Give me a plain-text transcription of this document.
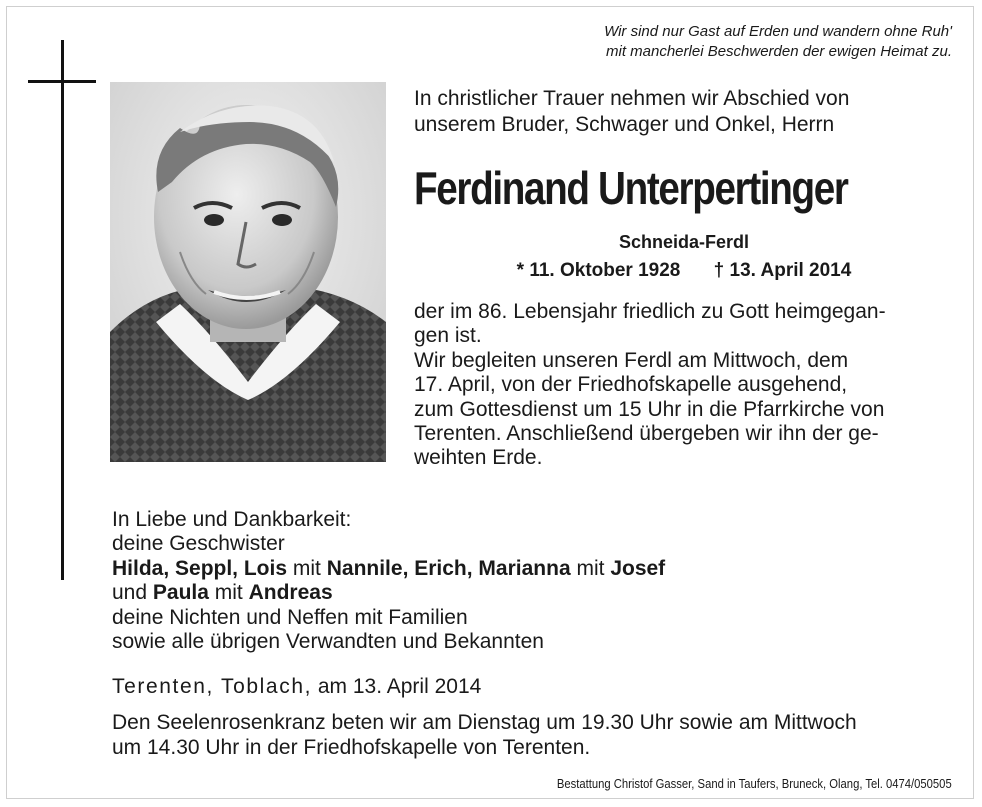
Wir sind nur Gast auf Erden und wandern ohne Ruh'
mit mancherlei Beschwerden der ewigen Heimat zu.
In christlicher Trauer nehmen wir Abschied von
unserem Bruder, Schwager und Onkel, Herrn
Ferdinand Unterpertinger
Schneida-Ferdl
* 11. Oktober 1928 † 13. April 2014

der im 86. Lebensjahr friedlich zu Gott heimgegan-

gen ist.

Wir begleiten unseren Ferdl am Mittwoch, dem

17. April, von der Friedhofskapelle ausgehend,

zum Gottesdienst um 15 Uhr in die Pfarrkirche von

Terenten. Anschließend übergeben wir ihn der ge-

weihten Erde.

In Liebe und Dankbarkeit:

deine Geschwister

Hilda, Seppl, Lois mit Nannile, Erich, Marianna mit Josef

und Paula mit Andreas

deine Nichten und Neffen mit Familien

sowie alle übrigen Verwandten und Bekannten

Terenten, Toblach, am 13. April 2014
Den Seelenrosenkranz beten wir am Dienstag um 19.30 Uhr sowie am Mittwoch
um 14.30 Uhr in der Friedhofskapelle von Terenten.
Bestattung Christof Gasser, Sand in Taufers, Bruneck, Olang, Tel. 0474/050505
